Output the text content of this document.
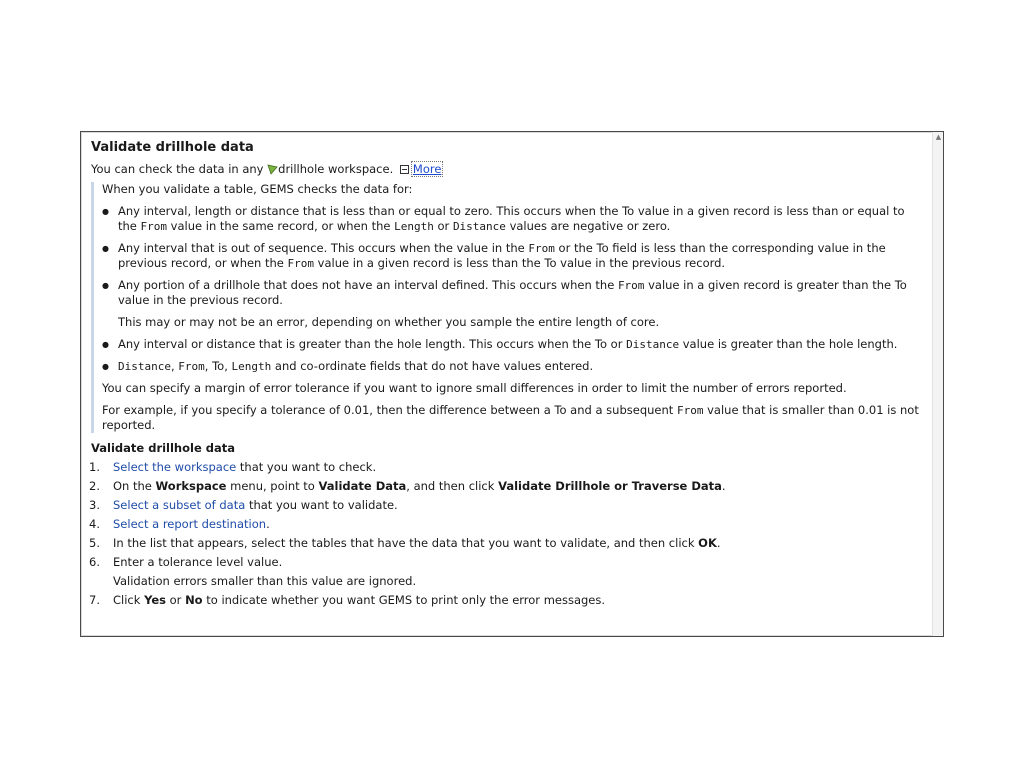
Validate drillhole data
You can check the data in any drillhole workspace. More

When you validate a table, GEMS checks the data for:

● Any interval, length or distance that is less than or equal to zero. This occurs when the To value in a given record is less than or equal to the From value in the same record, or when the Length or Distance values are negative or zero.
● Any interval that is out of sequence. This occurs when the value in the From or the To field is less than the corresponding value in the previous record, or when the From value in a given record is less than the To value in the previous record.
● Any portion of a drillhole that does not have an interval defined. This occurs when the From value in a given record is greater than the To value in the previous record.
This may or may not be an error, depending on whether you sample the entire length of core.
● Any interval or distance that is greater than the hole length. This occurs when the To or Distance value is greater than the hole length.
● Distance, From, To, Length and co-ordinate fields that do not have values entered.

You can specify a margin of error tolerance if you want to ignore small differences in order to limit the number of errors reported.

For example, if you specify a tolerance of 0.01, then the difference between a To and a subsequent From value that is smaller than 0.01 is not reported.

Validate drillhole data
1. Select the workspace that you want to check.
2. On the Workspace menu, point to Validate Data, and then click Validate Drillhole or Traverse Data.
3. Select a subset of data that you want to validate.
4. Select a report destination.
5. In the list that appears, select the tables that have the data that you want to validate, and then click OK.
6. Enter a tolerance level value.
Validation errors smaller than this value are ignored.
7. Click Yes or No to indicate whether you want GEMS to print only the error messages.
▲
